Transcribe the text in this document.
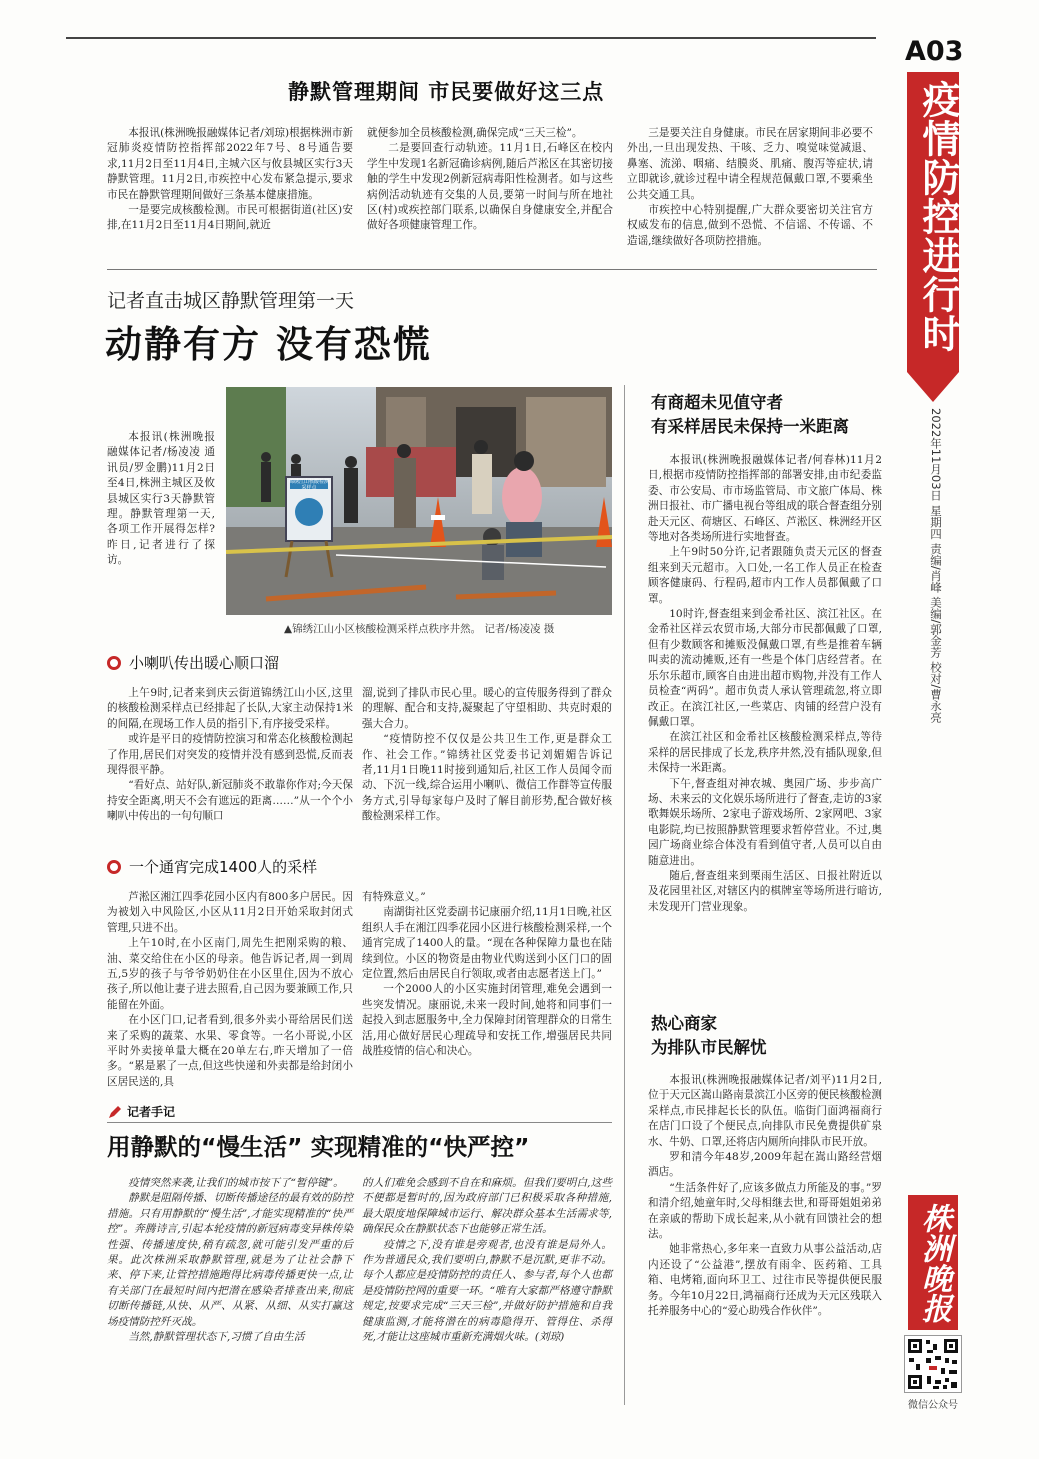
A03
疫情防控进行时
2022年11月03日 星期四 责编/肖峰 美编/郭金芳 校对/曹永亮
株洲晚报
微信公众号
静默管理期间 市民要做好这三点

本报讯(株洲晚报融媒体记者/刘琼)根据株洲市新冠肺炎疫情防控指挥部2022年7号、8号通告要求,11月2日至11月4日,主城六区与攸县城区实行3天静默管理。11月2日,市疾控中心发布紧急提示,要求市民在静默管理期间做好三条基本健康措施。

一是要完成核酸检测。市民可根据街道(社区)安排,在11月2日至11月4日期间,就近

就便参加全员核酸检测,确保完成“三天三检”。

二是要回查行动轨迹。11月1日,石峰区在校内学生中发现1名新冠确诊病例,随后芦淞区在其密切接触的学生中发现2例新冠病毒阳性检测者。如与这些病例活动轨迹有交集的人员,要第一时间与所在地社区(村)或疾控部门联系,以确保自身健康安全,并配合做好各项健康管理工作。

三是要关注自身健康。市民在居家期间非必要不外出,一旦出现发热、干咳、乏力、嗅觉味觉减退、鼻塞、流涕、咽痛、结膜炎、肌痛、腹泻等症状,请立即就诊,就诊过程中请全程规范佩戴口罩,不要乘坐公共交通工具。

市疾控中心特别提醒,广大群众要密切关注官方权威发布的信息,做到不恐慌、不信谣、不传谣、不造谣,继续做好各项防控措施。

记者直击城区静默管理第一天
动静有方 没有恐慌

本报讯(株洲晚报融媒体记者/杨凌凌 通讯员/罗金鹏)11月2日至4日,株洲主城区及攸县城区实行3天静默管理。静默管理第一天,各项工作开展得怎样?昨日,记者进行了探访。

锦绣江山核酸检测采样点
▲锦绣江山小区核酸检测采样点秩序井然。 记者/杨凌凌 摄
小喇叭传出暖心顺口溜

上午9时,记者来到庆云街道锦绣江山小区,这里的核酸检测采样点已经排起了长队,大家主动保持1米的间隔,在现场工作人员的指引下,有序接受采样。

或许是平日的疫情防控演习和常态化核酸检测起了作用,居民们对突发的疫情并没有感到恐慌,反而表现得很平静。

“看好点、站好队,新冠肺炎不敢靠你作对;今天保持安全距离,明天不会有遮远的距离……”从一个个小喇叭中传出的一句句顺口

溜,说到了排队市民心里。暖心的宣传服务得到了群众的理解、配合和支持,凝聚起了守望相助、共克时艰的强大合力。

“疫情防控不仅仅是公共卫生工作,更是群众工作、社会工作。”锦绣社区党委书记刘媚媚告诉记者,11月1日晚11时接到通知后,社区工作人员闻令而动、下沉一线,综合运用小喇叭、微信工作群等宣传服务方式,引导每家每户及时了解目前形势,配合做好核酸检测采样工作。

一个通宵完成1400人的采样

芦淞区湘江四季花园小区内有800多户居民。因为被划入中风险区,小区从11月2日开始采取封闭式管理,只进不出。

上午10时,在小区南门,周先生把刚采购的粮、油、菜交给住在小区的母亲。他告诉记者,周一到周五,5岁的孩子与爷爷奶奶住在小区里住,因为不放心孩子,所以他让妻子进去照看,自己因为要兼顾工作,只能留在外面。

在小区门口,记者看到,很多外卖小哥给居民们送来了采购的蔬菜、水果、零食等。一名小哥说,小区平时外卖接单量大概在20单左右,昨天增加了一倍多。“累是累了一点,但这些快递和外卖都是给封闭小区居民送的,具

有特殊意义。”

南湖街社区党委副书记康丽介绍,11月1日晚,社区组织人手在湘江四季花园小区进行核酸检测采样,一个通宵完成了1400人的量。“现在各种保障力量也在陆续到位。小区的物资是由物业代购送到小区门口的固定位置,然后由居民自行领取,或者由志愿者送上门。”

一个2000人的小区实施封闭管理,难免会遇到一些突发情况。康丽说,未来一段时间,她将和同事们一起投入到志愿服务中,全力保障封闭管理群众的日常生活,用心做好居民心理疏导和安抚工作,增强居民共同战胜疫情的信心和决心。

记者手记
用静默的“慢生活” 实现精准的“快严控”

疫情突然来袭,让我们的城市按下了“暂停键”。

静默是阻隔传播、切断传播途径的最有效的防控措施。只有用静默的“慢生活”,才能实现精准的“快严控”。奔腾诗言,引起本轮疫情的新冠病毒变异株传染性强、传播速度快,稍有疏忽,就可能引发严重的后果。此次株洲采取静默管理,就是为了让社会静下来、停下来,让管控措施跑得比病毒传播更快一点,让有关部门在最短时间内把潜在感染者排查出来,彻底切断传播链,从快、从严、从紧、从细、从实打赢这场疫情防控歼灭战。

当然,静默管理状态下,习惯了自由生活

的人们难免会感到不自在和麻烦。但我们要明白,这些不便都是暂时的,因为政府部门已积极采取各种措施,最大限度地保障城市运行、解决群众基本生活需求等,确保民众在静默状态下也能够正常生活。

疫情之下,没有谁是旁观者,也没有谁是局外人。作为普通民众,我们要明白,静默不是沉默,更非不动。每个人都应是疫情防控的责任人、参与者,每个人也都是疫情防控网的重要一环。“唯有大家都严格遵守静默规定,按要求完成“三天三检”,并做好防护措施和自我健康监测,才能将潜在的病毒隐得开、管得住、杀得死,才能让这座城市重新充满烟火味。(刘琼)

有商超未见值守者
有采样居民未保持一米距离

本报讯(株洲晚报融媒体记者/何春林)11月2日,根据市疫情防控指挥部的部署安排,由市纪委监委、市公安局、市市场监管局、市文旅广体局、株洲日报社、市广播电视台等组成的联合督查组分别赴天元区、荷塘区、石峰区、芦淞区、株洲经开区等地对各类场所进行实地督查。

上午9时50分许,记者跟随负责天元区的督查组来到天元超市。入口处,一名工作人员正在检查顾客健康码、行程码,超市内工作人员都佩戴了口罩。

10时许,督查组来到金希社区、滨江社区。在金希社区祥云农贸市场,大部分市民都佩戴了口罩,但有少数顾客和摊贩没佩戴口罩,有些是推着车辆叫卖的流动摊贩,还有一些是个体门店经营者。在乐尔乐超市,顾客自由进出超市购物,并没有工作人员检查“两码”。超市负责人承认管理疏忽,将立即改正。在滨江社区,一些菜店、肉铺的经营户没有佩戴口罩。

在滨江社区和金希社区核酸检测采样点,等待采样的居民排成了长龙,秩序井然,没有插队现象,但未保持一米距离。

下午,督查组对神农城、奥园广场、步步高广场、未来云的文化娱乐场所进行了督查,走访的3家歌舞娱乐场所、2家电子游戏场所、2家网吧、3家电影院,均已按照静默管理要求暂停营业。不过,奥园广场商业综合体没有看到值守者,人员可以自由随意进出。

随后,督查组来到栗雨生活区、日报社附近以及花园里社区,对辖区内的棋牌室等场所进行暗访,未发现开门营业现象。

热心商家
为排队市民解忧

本报讯(株洲晚报融媒体记者/刘平)11月2日,位于天元区嵩山路南景滨江小区旁的便民核酸检测采样点,市民排起长长的队伍。临街门面鸿福商行在店门口设了个便民点,向排队市民免费提供矿泉水、牛奶、口罩,还将店内厕所向排队市民开放。

罗和清今年48岁,2009年起在嵩山路经营烟酒店。

“生活条件好了,应该多做点力所能及的事。”罗和清介绍,她童年时,父母相继去世,和哥哥姐姐弟弟在亲戚的帮助下成长起来,从小就有回馈社会的想法。

她非常热心,多年来一直致力从事公益活动,店内还设了“公益港”,摆放有雨伞、医药箱、工具箱、电烤箱,面向环卫工、过往市民等提供便民服务。今年10月22日,鸿福商行还成为天元区残联入托养服务中心的“爱心助残合作伙伴”。
